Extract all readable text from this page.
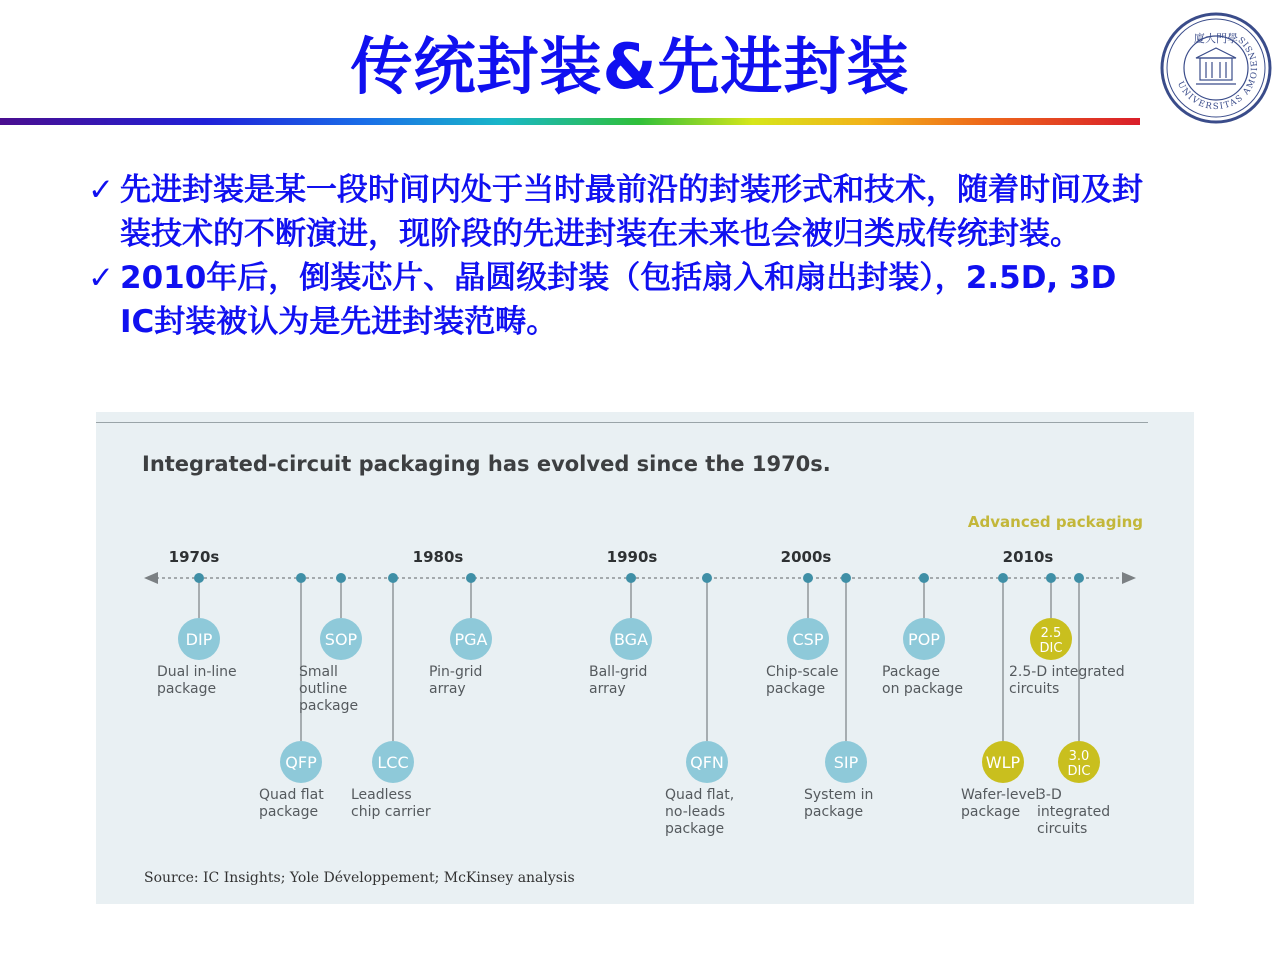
传统封装&先进封装	UNIVERSITAS AMOIENSIS
廈大門學
✓ 先进封装是某一段时间内处于当时最前沿的封装形式和技术，随着时间及封装技术的不断演进，现阶段的先进封装在未来也会被归类成传统封装。
✓ 2010年后，倒装芯片、晶圆级封装（包括扇入和扇出封装），2.5D, 3D IC封装被认为是先进封装范畴。
Integrated-circuit packaging has evolved since the 1970s.
1970s	1980s	1990s	2000s	2010s
Advanced packaging
DIP
Dual in-line
package
QFP
Quad flat
package
SOP
Small
outline
package
LCC
Leadless
chip carrier
PGA
Pin-grid
array
BGA
Ball-grid
array
QFN
Quad flat,
no-leads
package
CSP
Chip-scale
package
SIP
System in
package
POP
Package
on package
WLP
Wafer-level
package
2.5
DIC
2.5-D integrated
circuits
3.0
DIC
3-D
integrated
circuits
Source: IC Insights; Yole Développement; McKinsey analysis
